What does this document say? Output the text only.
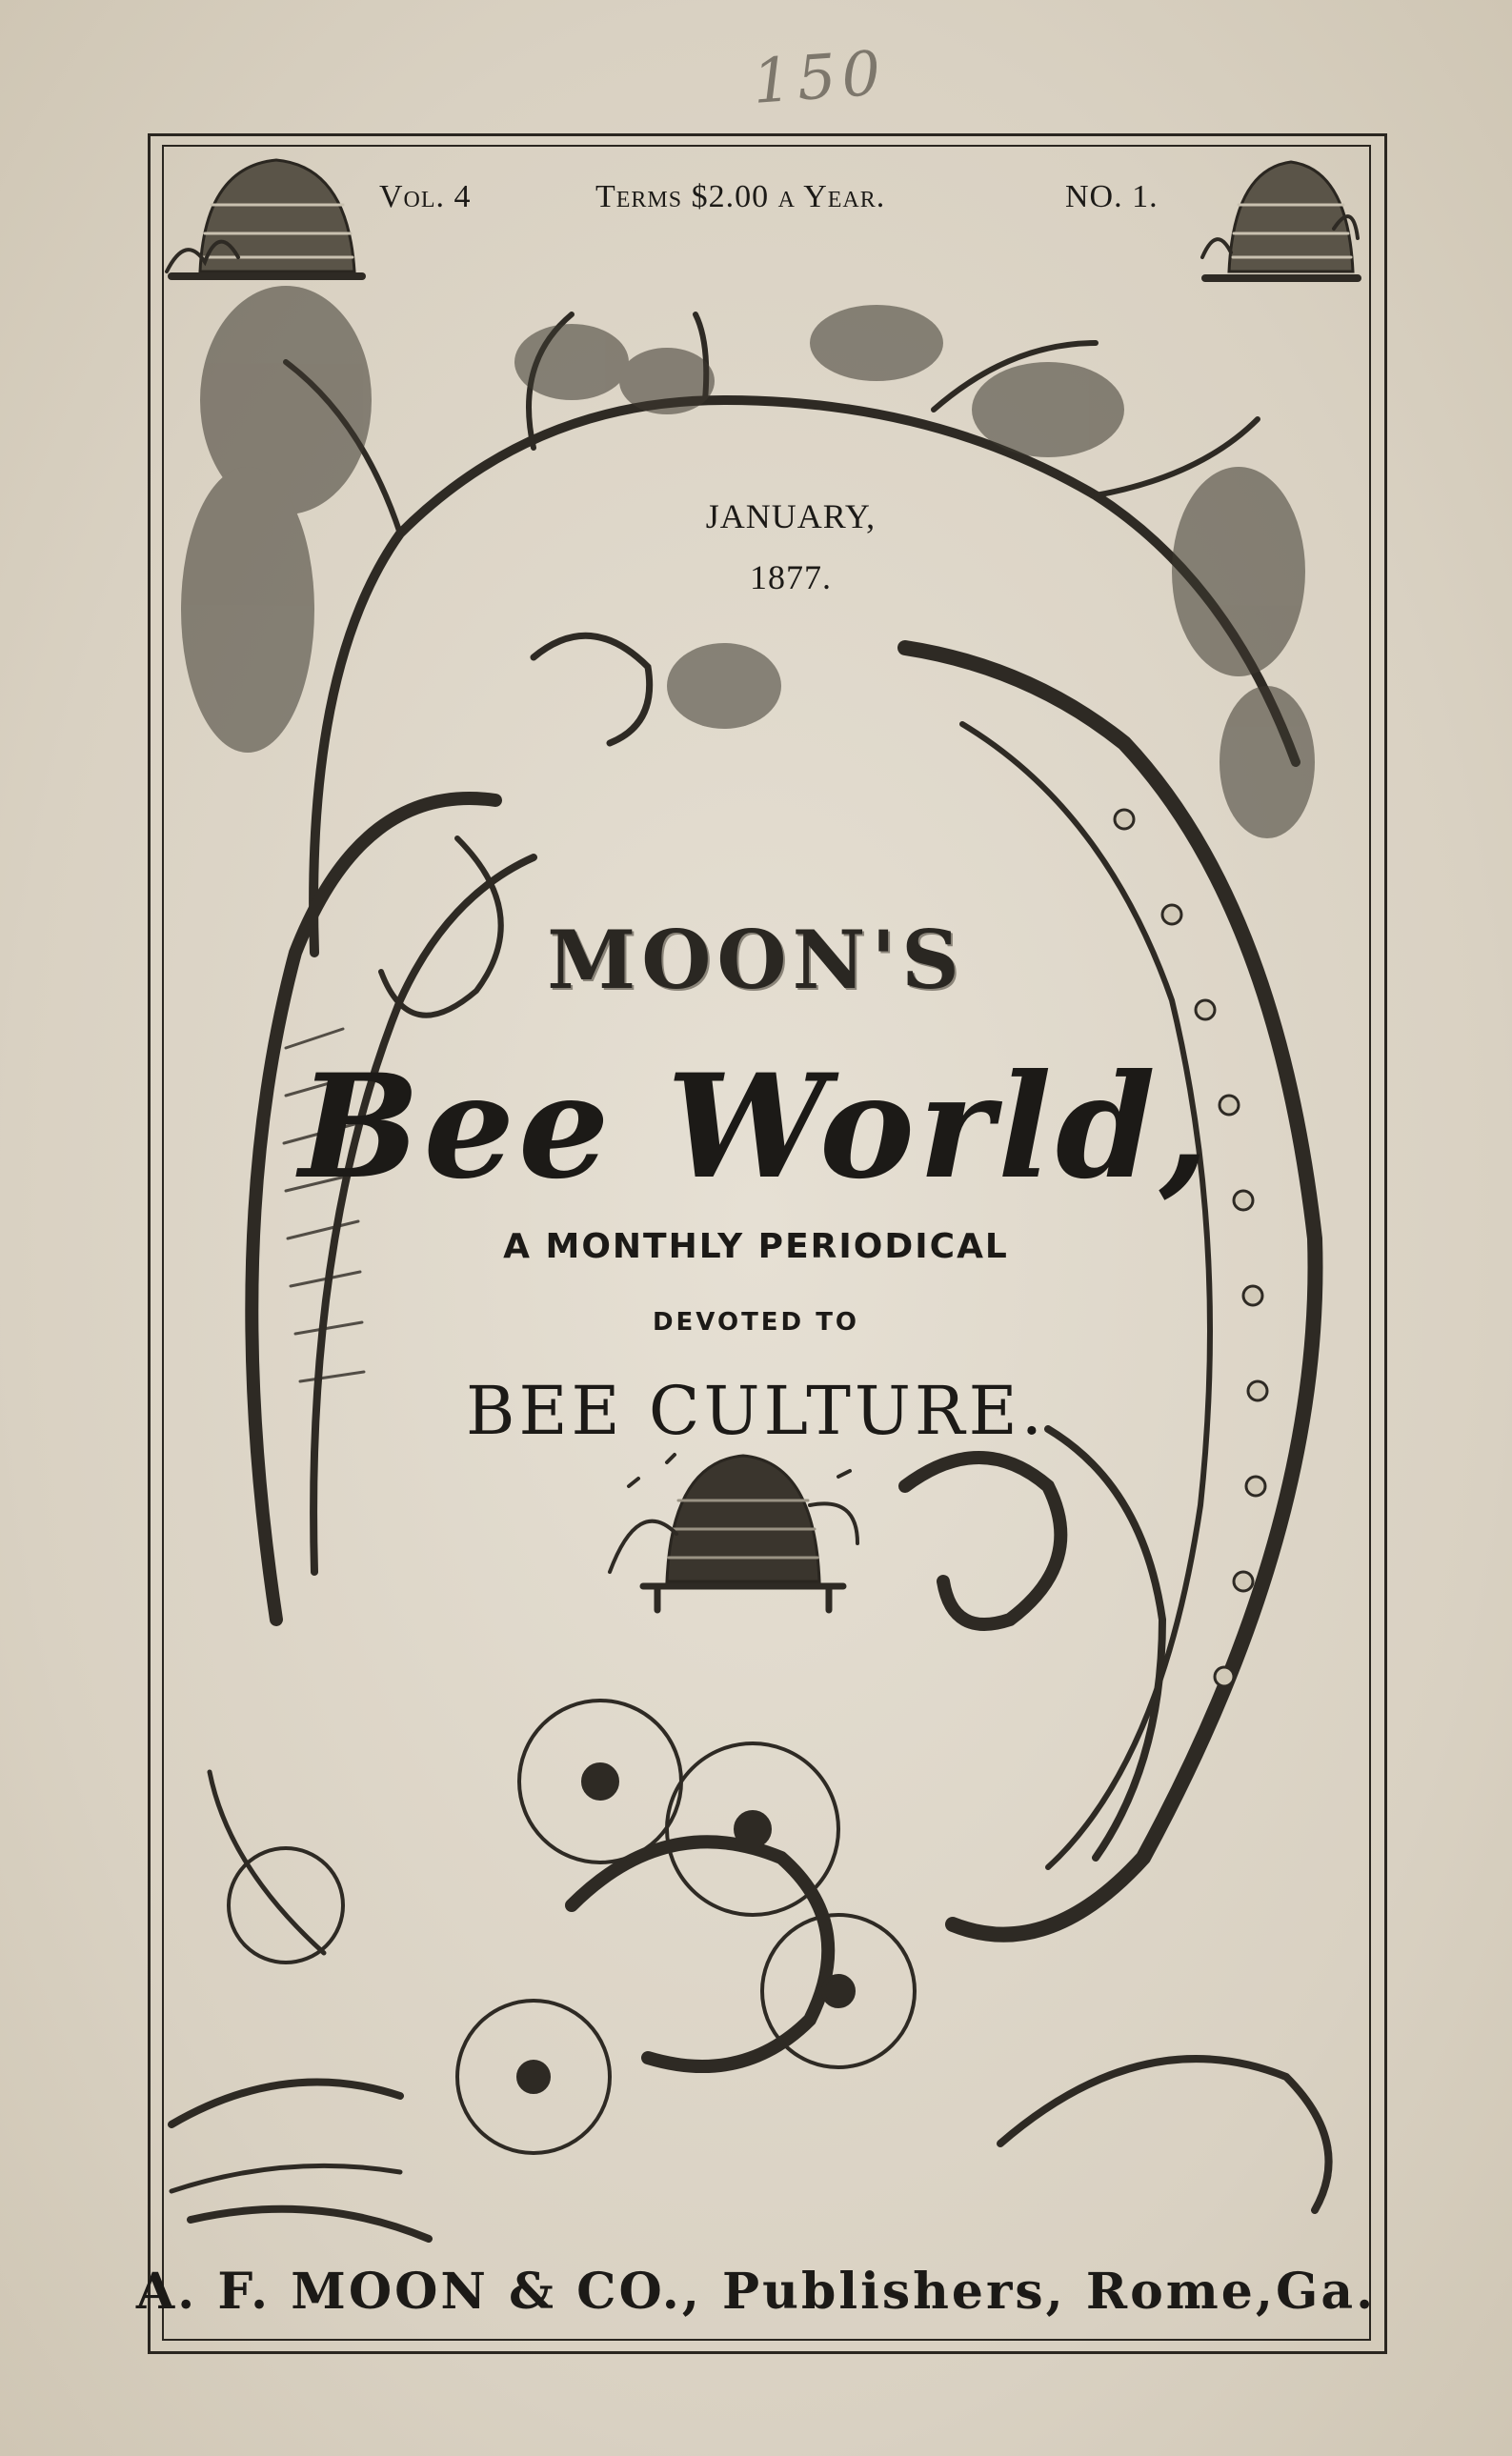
150
Vol. 4	Terms $2.00 a Year.	NO. 1.
JANUARY,
1877.
MOON'S
Bee World,
A MONTHLY PERIODICAL
DEVOTED TO
BEE CULTURE.
A. F. MOON & CO., Publishers, Rome,Ga.
